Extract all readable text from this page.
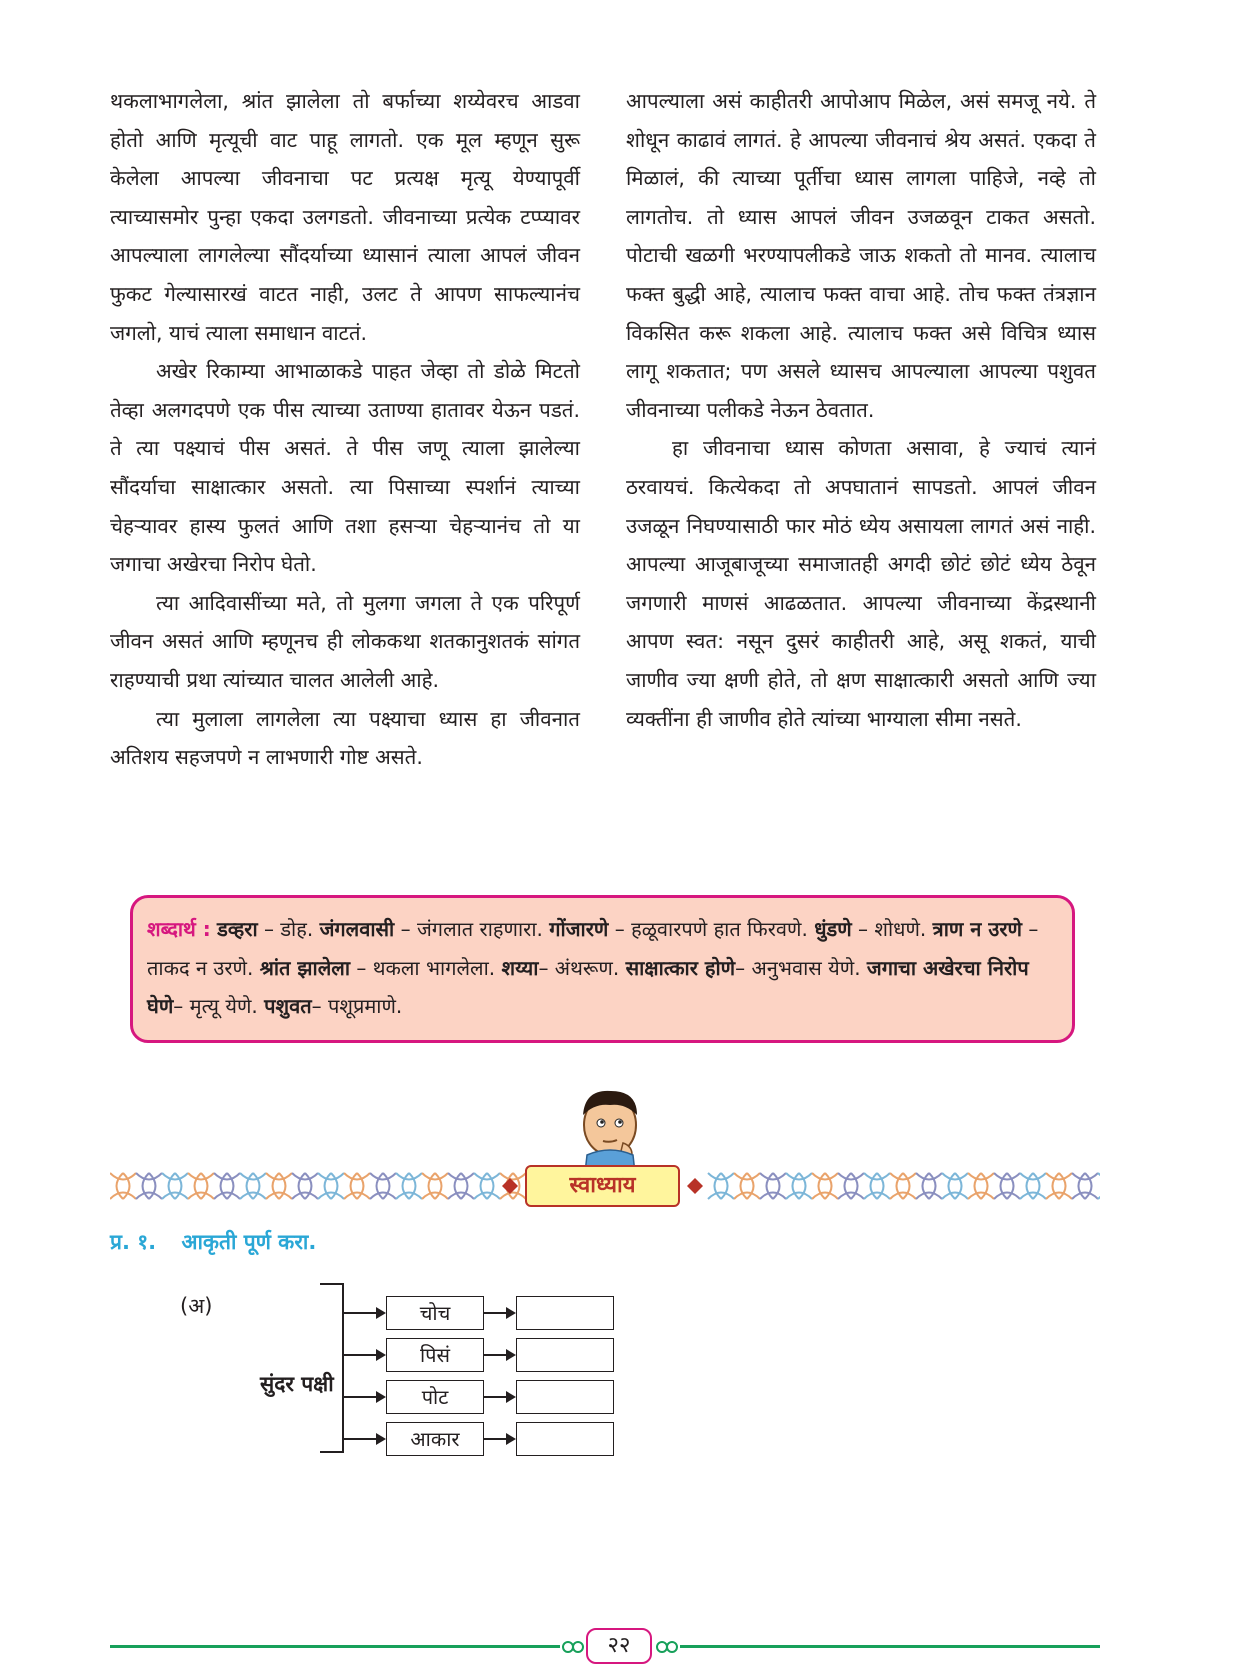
थकलाभागलेला, श्रांत झालेला तो बर्फाच्या शय्येवरच आडवा होतो आणि मृत्यूची वाट पाहू लागतो. एक मूल म्हणून सुरू केलेला आपल्या जीवनाचा पट प्रत्यक्ष मृत्यू येण्यापूर्वी त्याच्यासमोर पुन्हा एकदा उलगडतो. जीवनाच्या प्रत्येक टप्प्यावर आपल्याला लागलेल्या सौंदर्याच्या ध्यासानं त्याला आपलं जीवन फुकट गेल्यासारखं वाटत नाही, उलट ते आपण साफल्यानंच जगलो, याचं त्याला समाधान वाटतं.

अखेर रिकाम्या आभाळाकडे पाहत जेव्हा तो डोळे मिटतो तेव्हा अलगदपणे एक पीस त्याच्या उताण्या हातावर येऊन पडतं. ते त्या पक्ष्याचं पीस असतं. ते पीस जणू त्याला झालेल्या सौंदर्याचा साक्षात्कार असतो. त्या पिसाच्या स्पर्शानं त्याच्या चेहऱ्यावर हास्य फुलतं आणि तशा हसऱ्या चेहऱ्यानंच तो या जगाचा अखेरचा निरोप घेतो.

त्या आदिवासींच्या मते, तो मुलगा जगला ते एक परिपूर्ण जीवन असतं आणि म्हणूनच ही लोककथा शतकानुशतकं सांगत राहण्याची प्रथा त्यांच्यात चालत आलेली आहे.

त्या मुलाला लागलेला त्या पक्ष्याचा ध्यास हा जीवनात अतिशय सहजपणे न लाभणारी गोष्ट असते.

आपल्याला असं काहीतरी आपोआप मिळेल, असं समजू नये. ते शोधून काढावं लागतं. हे आपल्या जीवनाचं श्रेय असतं. एकदा ते मिळालं, की त्याच्या पूर्तीचा ध्यास लागला पाहिजे, नव्हे तो लागतोच. तो ध्यास आपलं जीवन उजळवून टाकत असतो. पोटाची खळगी भरण्यापलीकडे जाऊ शकतो तो मानव. त्यालाच फक्त बुद्धी आहे, त्यालाच फक्त वाचा आहे. तोच फक्त तंत्रज्ञान विकसित करू शकला आहे. त्यालाच फक्त असे विचित्र ध्यास लागू शकतात; पण असले ध्यासच आपल्याला आपल्या पशुवत जीवनाच्या पलीकडे नेऊन ठेवतात.

हा जीवनाचा ध्यास कोणता असावा, हे ज्याचं त्यानं ठरवायचं. कित्येकदा तो अपघातानं सापडतो. आपलं जीवन उजळून निघण्यासाठी फार मोठं ध्येय असायला लागतं असं नाही. आपल्या आजूबाजूच्या समाजातही अगदी छोटं छोटं ध्येय ठेवून जगणारी माणसं आढळतात. आपल्या जीवनाच्या केंद्रस्थानी आपण स्वत: नसून दुसरं काहीतरी आहे, असू शकतं, याची जाणीव ज्या क्षणी होते, तो क्षण साक्षात्कारी असतो आणि ज्या व्यक्तींना ही जाणीव होते त्यांच्या भाग्याला सीमा नसते.

शब्दार्थ : डव्हरा – डोह. जंगलवासी – जंगलात राहणारा. गोंजारणे – हळूवारपणे हात फिरवणे. धुंडणे – शोधणे. त्राण न उरणे – ताकद न उरणे. श्रांत झालेला – थकला भागलेला. शय्या– अंथरूण. साक्षात्कार होणे– अनुभवास येणे. जगाचा अखेरचा निरोप घेणे– मृत्यू येणे. पशुवत– पशूप्रमाणे.
स्वाध्याय
प्र. १. आकृती पूर्ण करा.
(अ)
सुंदर पक्षी
चोच
पिसं
पोट
आकार
२२
